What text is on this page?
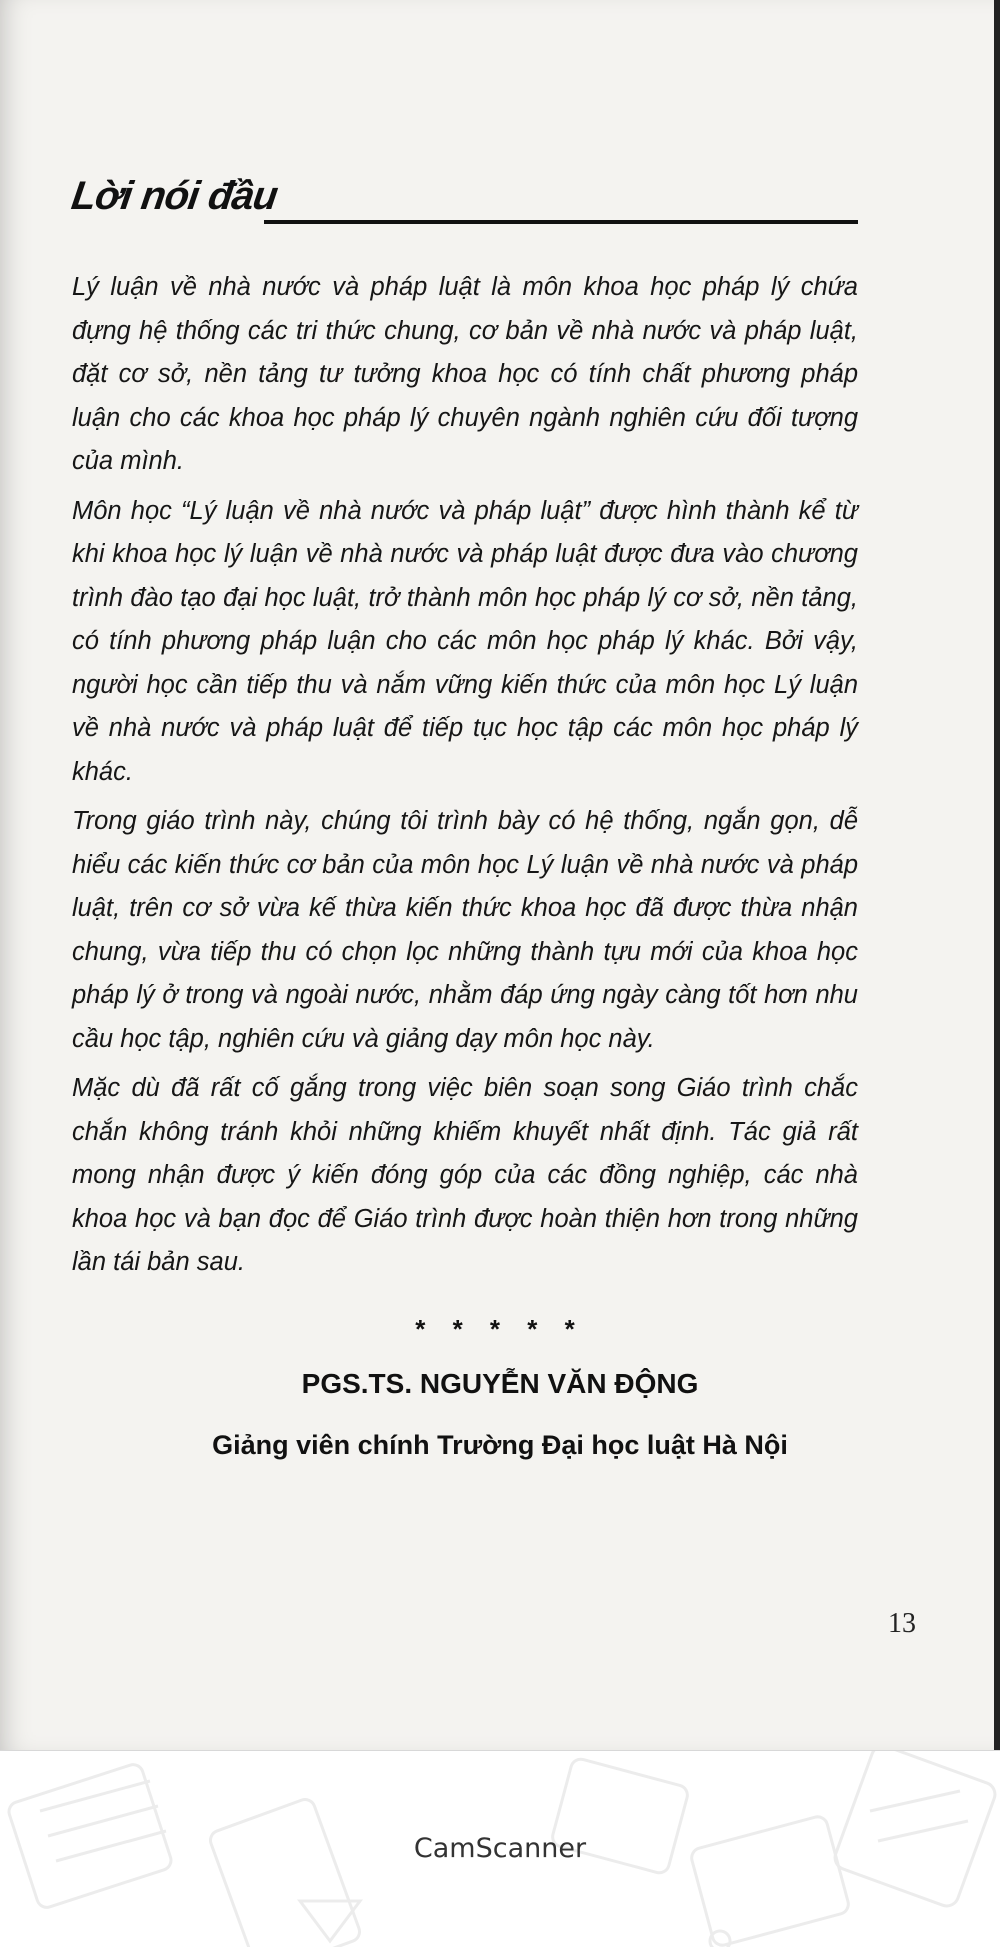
Lời nói đầu

Lý luận về nhà nước và pháp luật là môn khoa học pháp lý chứa đựng hệ thống các tri thức chung, cơ bản về nhà nước và pháp luật, đặt cơ sở, nền tảng tư tưởng khoa học có tính chất phương pháp luận cho các khoa học pháp lý chuyên ngành nghiên cứu đối tượng của mình.

Môn học “Lý luận về nhà nước và pháp luật” được hình thành kể từ khi khoa học lý luận về nhà nước và pháp luật được đưa vào chương trình đào tạo đại học luật, trở thành môn học pháp lý cơ sở, nền tảng, có tính phương pháp luận cho các môn học pháp lý khác. Bởi vậy, người học cần tiếp thu và nắm vững kiến thức của môn học Lý luận về nhà nước và pháp luật để tiếp tục học tập các môn học pháp lý khác.

Trong giáo trình này, chúng tôi trình bày có hệ thống, ngắn gọn, dễ hiểu các kiến thức cơ bản của môn học Lý luận về nhà nước và pháp luật, trên cơ sở vừa kế thừa kiến thức khoa học đã được thừa nhận chung, vừa tiếp thu có chọn lọc những thành tựu mới của khoa học pháp lý ở trong và ngoài nước, nhằm đáp ứng ngày càng tốt hơn nhu cầu học tập, nghiên cứu và giảng dạy môn học này.

Mặc dù đã rất cố gắng trong việc biên soạn song Giáo trình chắc chắn không tránh khỏi những khiếm khuyết nhất định. Tác giả rất mong nhận được ý kiến đóng góp của các đồng nghiệp, các nhà khoa học và bạn đọc để Giáo trình được hoàn thiện hơn trong những lần tái bản sau.

* * * * *
PGS.TS. NGUYỄN VĂN ĐỘNG
Giảng viên chính Trường Đại học luật Hà Nội
13
CamScanner
